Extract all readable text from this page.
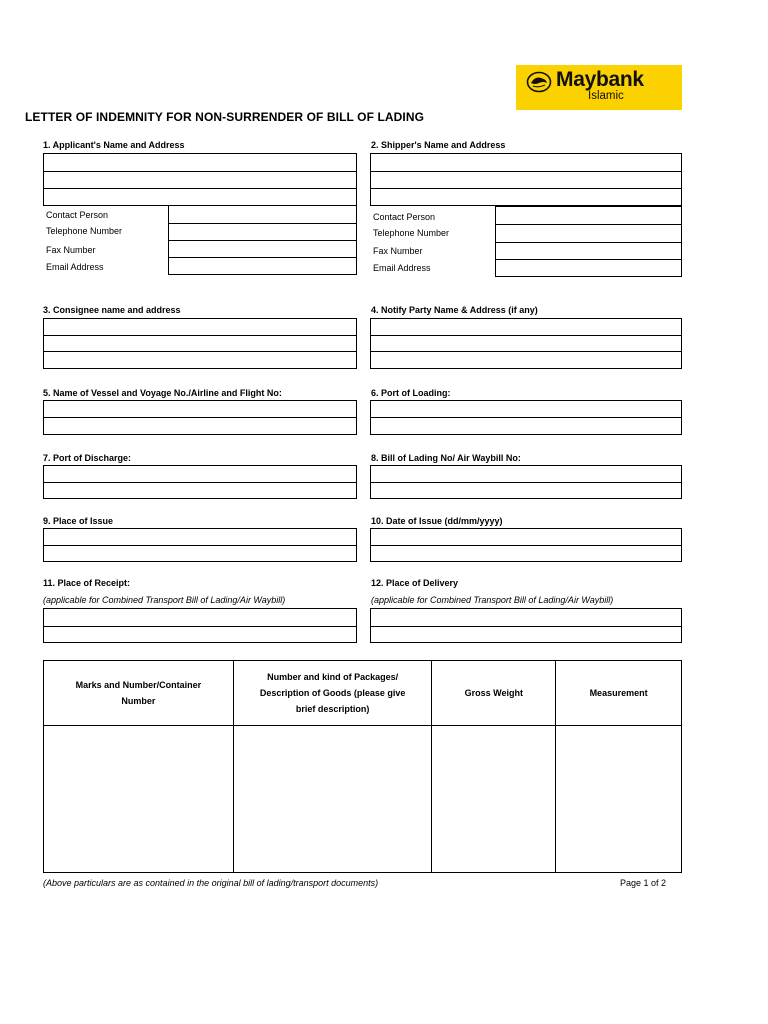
Maybank
Islamic
LETTER OF INDEMNITY FOR NON-SURRENDER OF BILL OF LADING
1. Applicant's Name and Address
Contact Person
Telephone Number
Fax Number
Email Address
2. Shipper's Name and Address
Contact Person
Telephone Number
Fax Number
Email Address
3. Consignee name and address	4. Notify Party Name & Address (if any)
5. Name of Vessel and Voyage No./Airline and Flight No:	6. Port of Loading:
7. Port of Discharge:	8. Bill of Lading No/ Air Waybill No:
9. Place of Issue	10. Date of Issue (dd/mm/yyyy)
11. Place of Receipt:
(applicable for Combined Transport Bill of Lading/Air Waybill)
12. Place of Delivery
(applicable for Combined Transport Bill of Lading/Air Waybill)
Marks and Number/Container Number	Number and kind of Packages/ Description of Goods (please give brief description)	Gross Weight	Measurement

(Above particulars are as contained in the original bill of lading/transport documents)	Page 1 of 2
